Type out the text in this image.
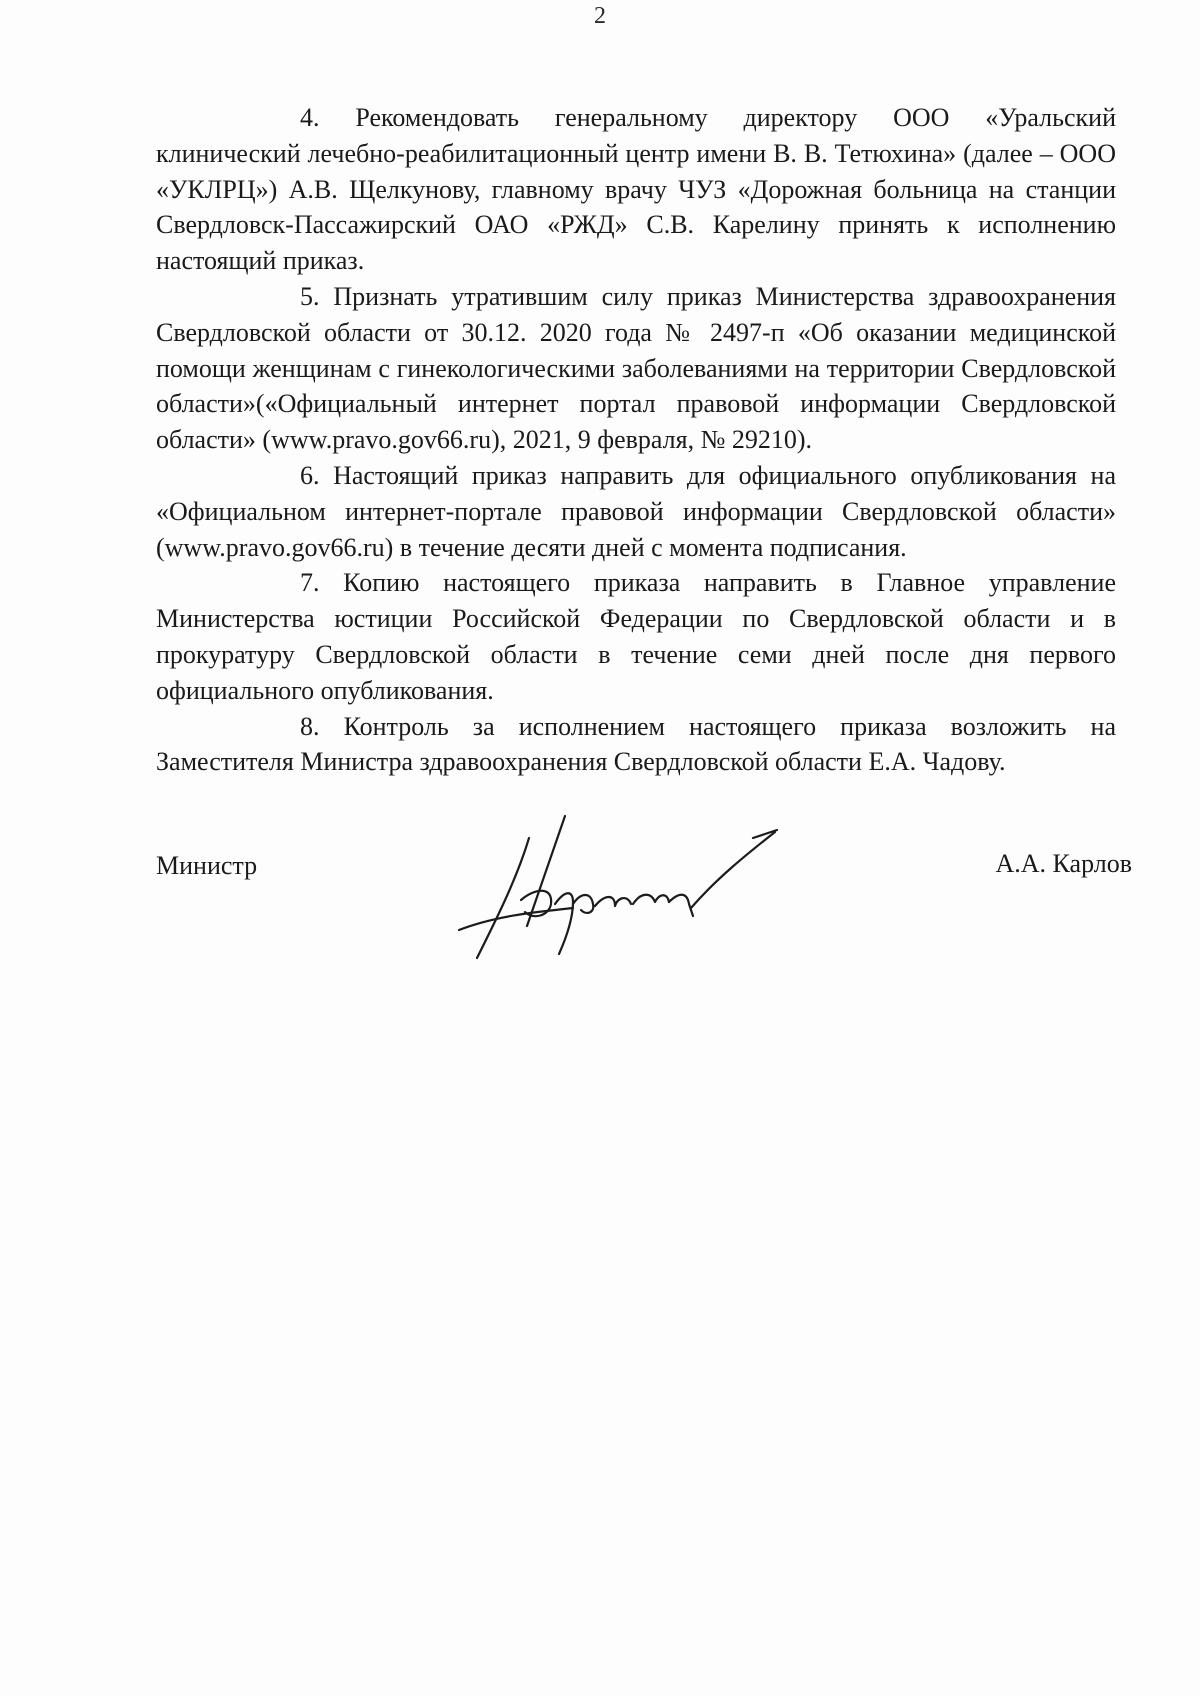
2

4. Рекомендовать генеральному директору ООО «Уральский клинический лечебно-реабилитационный центр имени В. В. Тетюхина» (далее – ООО «УКЛРЦ») А.В. Щелкунову, главному врачу ЧУЗ «Дорожная больница на станции Свердловск-Пассажирский ОАО «РЖД» С.В. Карелину принять к исполнению настоящий приказ.

5. Признать утратившим силу приказ Министерства здравоохранения Свердловской области от 30.12. 2020 года № 2497-п «Об оказании медицинской помощи женщинам с гинекологическими заболеваниями на территории Свердловской области»(«Официальный интернет портал правовой информации Свердловской области» (www.pravo.gov66.ru), 2021, 9 февраля, № 29210).

6. Настоящий приказ направить для официального опубликования на «Официальном интернет-портале правовой информации Свердловской области» (www.pravo.gov66.ru) в течение десяти дней с момента подписания.

7. Копию настоящего приказа направить в Главное управление Министерства юстиции Российской Федерации по Свердловской области и в прокуратуру Свердловской области в течение семи дней после дня первого официального опубликования.

8. Контроль за исполнением настоящего приказа возложить на Заместителя Министра здравоохранения Свердловской области Е.А. Чадову.

Министр	А.А. Карлов
